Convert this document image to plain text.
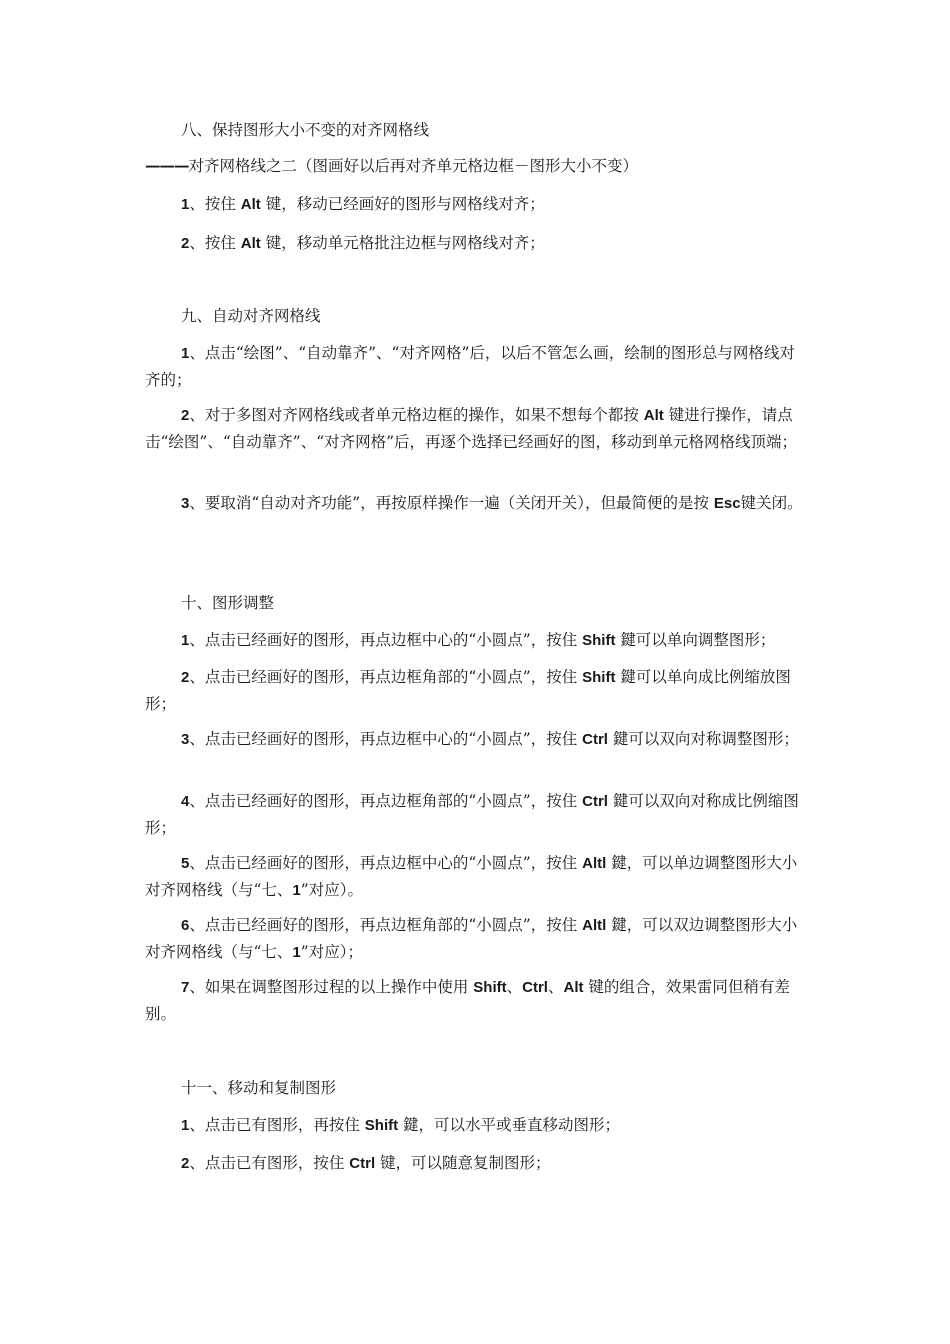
八、保持图形大小不变的对齐网格线
———对齐网格线之二（图画好以后再对齐单元格边框－图形大小不变）
1、按住 Alt 键，移动已经画好的图形与网格线对齐；
2、按住 Alt 键，移动单元格批注边框与网格线对齐；
九、自动对齐网格线
1、点击“绘图”、“自动靠齐”、“对齐网格”后，以后不管怎么画，绘制的图形总与网格线对齐的；
2、对于多图对齐网格线或者单元格边框的操作，如果不想每个都按 Alt 键进行操作，请点击“绘图”、“自动靠齐”、“对齐网格”后，再逐个选择已经画好的图，移动到单元格网格线顶端；
3、要取消“自动对齐功能”，再按原样操作一遍（关闭开关），但最简便的是按 Esc键关闭。
十、图形调整
1、点击已经画好的图形，再点边框中心的“小圆点”，按住 Shift 鍵可以单向调整图形；
2、点击已经画好的图形，再点边框角部的“小圆点”，按住 Shift 鍵可以单向成比例缩放图形；
3、点击已经画好的图形，再点边框中心的“小圆点”，按住 Ctrl 鍵可以双向对称调整图形；
4、点击已经画好的图形，再点边框角部的“小圆点”，按住 Ctrl 鍵可以双向对称成比例缩图形；
5、点击已经画好的图形，再点边框中心的“小圆点”，按住 Altl 鍵，可以单边调整图形大小对齐网格线（与“七、1”对应）。
6、点击已经画好的图形，再点边框角部的“小圆点”，按住 Altl 鍵，可以双边调整图形大小对齐网格线（与“七、1”对应）；
7、如果在调整图形过程的以上操作中使用 Shift、Ctrl、Alt 键的组合，效果雷同但稍有差别。
十一、移动和复制图形
1、点击已有图形，再按住 Shift 鍵，可以水平或垂直移动图形；
2、点击已有图形，按住 Ctrl 键，可以随意复制图形；
